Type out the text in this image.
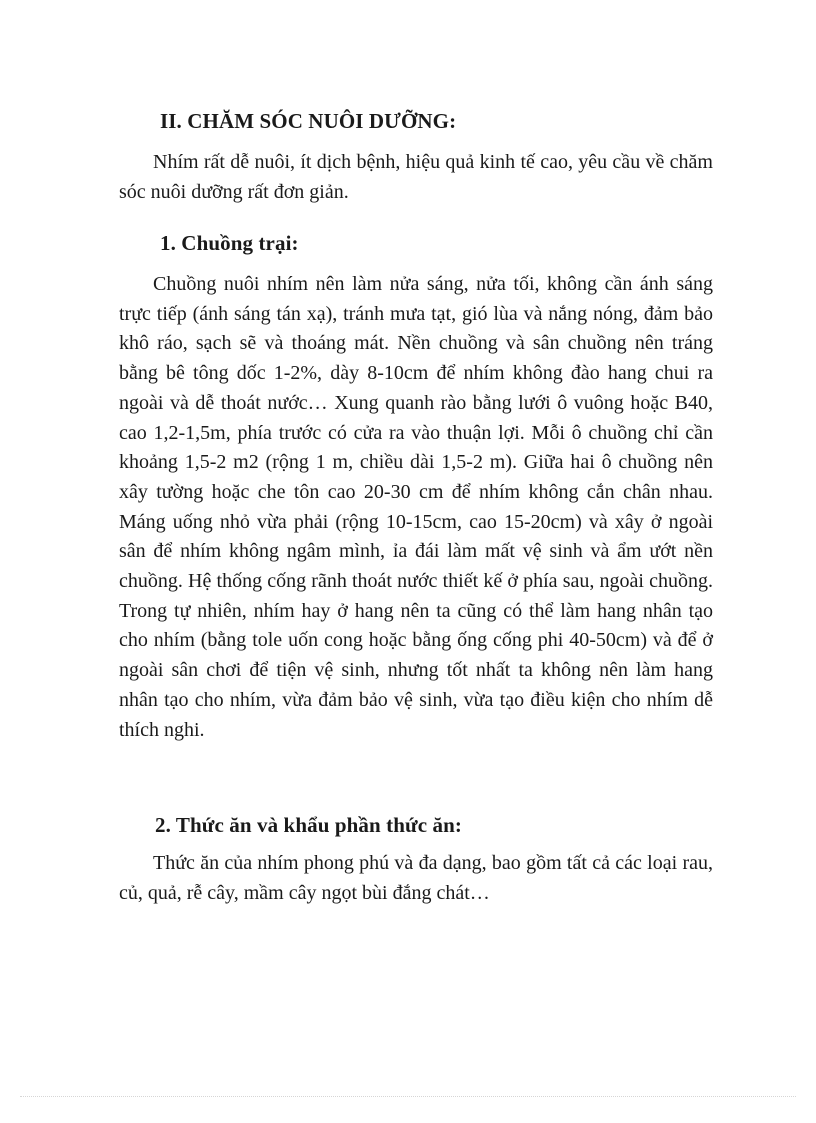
II. CHĂM SÓC NUÔI DƯỠNG:

Nhím rất dễ nuôi, ít dịch bệnh, hiệu quả kinh tế cao, yêu cầu về chăm sóc nuôi dưỡng rất đơn giản.

1. Chuồng trại:

Chuồng nuôi nhím nên làm nửa sáng, nửa tối, không cần ánh sáng trực tiếp (ánh sáng tán xạ), tránh mưa tạt, gió lùa và nắng nóng, đảm bảo khô ráo, sạch sẽ và thoáng mát. Nền chuồng và sân chuồng nên tráng bằng bê tông dốc 1-2%, dày 8-10cm để nhím không đào hang chui ra ngoài và dễ thoát nước… Xung quanh rào bằng lưới ô vuông hoặc B40, cao 1,2-1,5m, phía trước có cửa ra vào thuận lợi. Mỗi ô chuồng chỉ cần khoảng 1,5-2 m2 (rộng 1 m, chiều dài 1,5-2 m). Giữa hai ô chuồng nên xây tường hoặc che tôn cao 20-30 cm để nhím không cắn chân nhau. Máng uống nhỏ vừa phải (rộng 10-15cm, cao 15-20cm) và xây ở ngoài sân để nhím không ngâm mình, ỉa đái làm mất vệ sinh và ẩm ướt nền chuồng. Hệ thống cống rãnh thoát nước thiết kế ở phía sau, ngoài chuồng. Trong tự nhiên, nhím hay ở hang nên ta cũng có thể làm hang nhân tạo cho nhím (bằng tole uốn cong hoặc bằng ống cống phi 40-50cm) và để ở ngoài sân chơi để tiện vệ sinh, nhưng tốt nhất ta không nên làm hang nhân tạo cho nhím, vừa đảm bảo vệ sinh, vừa tạo điều kiện cho nhím dễ thích nghi.

2. Thức ăn và khẩu phần thức ăn:

Thức ăn của nhím phong phú và đa dạng, bao gồm tất cả các loại rau, củ, quả, rễ cây, mầm cây ngọt bùi đắng chát…
